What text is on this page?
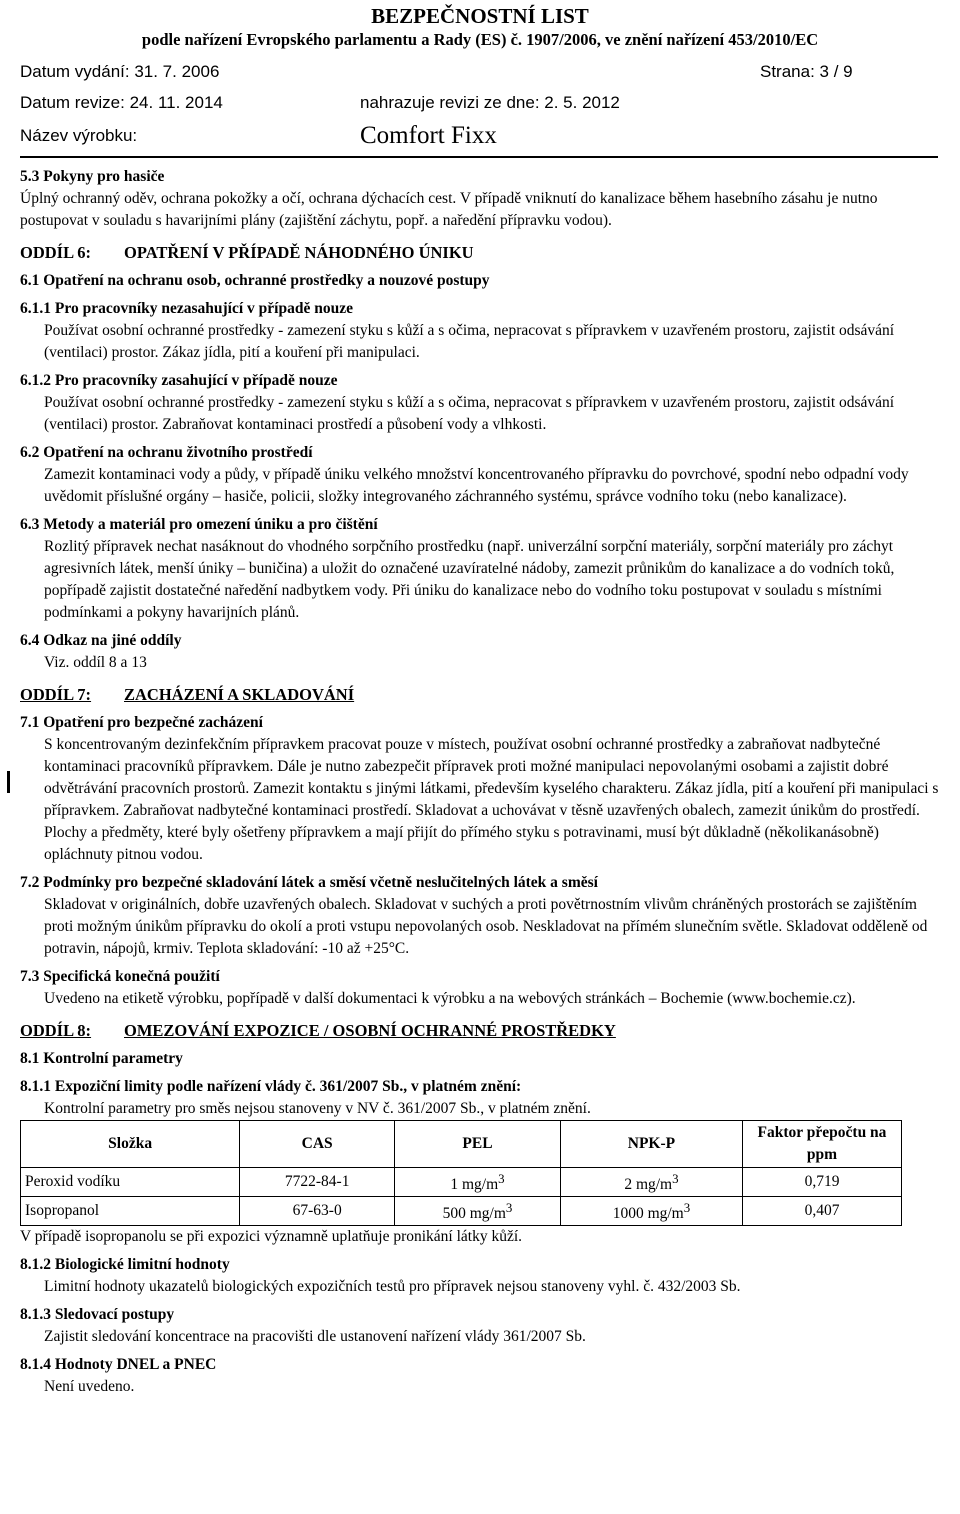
BEZPEČNOSTNÍ LIST
podle nařízení Evropského parlamentu a Rady (ES) č. 1907/2006, ve znění nařízení 453/2010/EC
Datum vydání: 31. 7. 2006	Strana: 3 / 9
Datum revize: 24. 11. 2014	nahrazuje revizi ze dne: 2. 5. 2012
Název výrobku:	Comfort Fixx

5.3 Pokyny pro hasiče

Úplný ochranný oděv, ochrana pokožky a očí, ochrana dýchacích cest. V případě vniknutí do kanalizace během hasebního zásahu je nutno postupovat v souladu s havarijními plány (zajištění záchytu, popř. a naředění přípravku vodou).

ODDÍL 6:	OPATŘENÍ V PŘÍPADĚ NÁHODNÉHO ÚNIKU

6.1 Opatření na ochranu osob, ochranné prostředky a nouzové postupy

6.1.1 Pro pracovníky nezasahující v případě nouze

Používat osobní ochranné prostředky - zamezení styku s kůží a s očima, nepracovat s přípravkem v uzavřeném prostoru, zajistit odsávání (ventilaci) prostor. Zákaz jídla, pití a kouření při manipulaci.

6.1.2 Pro pracovníky zasahující v případě nouze

Používat osobní ochranné prostředky - zamezení styku s kůží a s očima, nepracovat s přípravkem v uzavřeném prostoru, zajistit odsávání (ventilaci) prostor. Zabraňovat kontaminaci prostředí a působení vody a vlhkosti.

6.2 Opatření na ochranu životního prostředí

Zamezit kontaminaci vody a půdy, v případě úniku velkého množství koncentrovaného přípravku do povrchové, spodní nebo odpadní vody uvědomit příslušné orgány – hasiče, policii, složky integrovaného záchranného systému, správce vodního toku (nebo kanalizace).

6.3 Metody a materiál pro omezení úniku a pro čištění

Rozlitý přípravek nechat nasáknout do vhodného sorpčního prostředku (např. univerzální sorpční materiály, sorpční materiály pro záchyt agresivních látek, menší úniky – buničina) a uložit do označené uzavíratelné nádoby, zamezit průnikům do kanalizace a do vodních toků, popřípadě zajistit dostatečné naředění nadbytkem vody. Při úniku do kanalizace nebo do vodního toku postupovat v souladu s místními podmínkami a pokyny havarijních plánů.

6.4 Odkaz na jiné oddíly

Viz. oddíl 8 a 13

ODDÍL 7:	ZACHÁZENÍ A SKLADOVÁNÍ

7.1 Opatření pro bezpečné zacházení

S koncentrovaným dezinfekčním přípravkem pracovat pouze v místech, používat osobní ochranné prostředky a zabraňovat nadbytečné kontaminaci pracovníků přípravkem. Dále je nutno zabezpečit přípravek proti možné manipulaci nepovolanými osobami a zajistit dobré odvětrávání pracovních prostorů. Zamezit kontaktu s jinými látkami, především kyselého charakteru. Zákaz jídla, pití a kouření při manipulaci s přípravkem. Zabraňovat nadbytečné kontaminaci prostředí. Skladovat a uchovávat v těsně uzavřených obalech, zamezit únikům do prostředí. Plochy a předměty, které byly ošetřeny přípravkem a mají přijít do přímého styku s potravinami, musí být důkladně (několikanásobně) opláchnuty pitnou vodou.

7.2 Podmínky pro bezpečné skladování látek a směsí včetně neslučitelných látek a směsí

Skladovat v originálních, dobře uzavřených obalech. Skladovat v suchých a proti povětrnostním vlivům chráněných prostorách se zajištěním proti možným únikům přípravku do okolí a proti vstupu nepovolaných osob. Neskladovat na přímém slunečním světle. Skladovat odděleně od potravin, nápojů, krmiv. Teplota skladování: -10 až +25°C.

7.3 Specifická konečná použití

Uvedeno na etiketě výrobku, popřípadě v další dokumentaci k výrobku a na webových stránkách – Bochemie (www.bochemie.cz).

ODDÍL 8:	OMEZOVÁNÍ EXPOZICE / OSOBNÍ OCHRANNÉ PROSTŘEDKY

8.1 Kontrolní parametry

8.1.1 Expoziční limity podle nařízení vlády č. 361/2007 Sb., v platném znění:

Kontrolní parametry pro směs nejsou stanoveny v NV č. 361/2007 Sb., v platném znění.

Složka	CAS	PEL	NPK-P	Faktor přepočtu na ppm
Peroxid vodíku	7722-84-1	1 $mg/m^3$	2 $mg/m^3$	0,719
Isopropanol	67-63-0	500 $mg/m^3$	1000 $mg/m^3$	0,407

V případě isopropanolu se při expozici významně uplatňuje pronikání látky kůží.

8.1.2 Biologické limitní hodnoty

Limitní hodnoty ukazatelů biologických expozičních testů pro přípravek nejsou stanoveny vyhl. č. 432/2003 Sb.

8.1.3 Sledovací postupy

Zajistit sledování koncentrace na pracovišti dle ustanovení nařízení vlády 361/2007 Sb.

8.1.4 Hodnoty DNEL a PNEC

Není uvedeno.
